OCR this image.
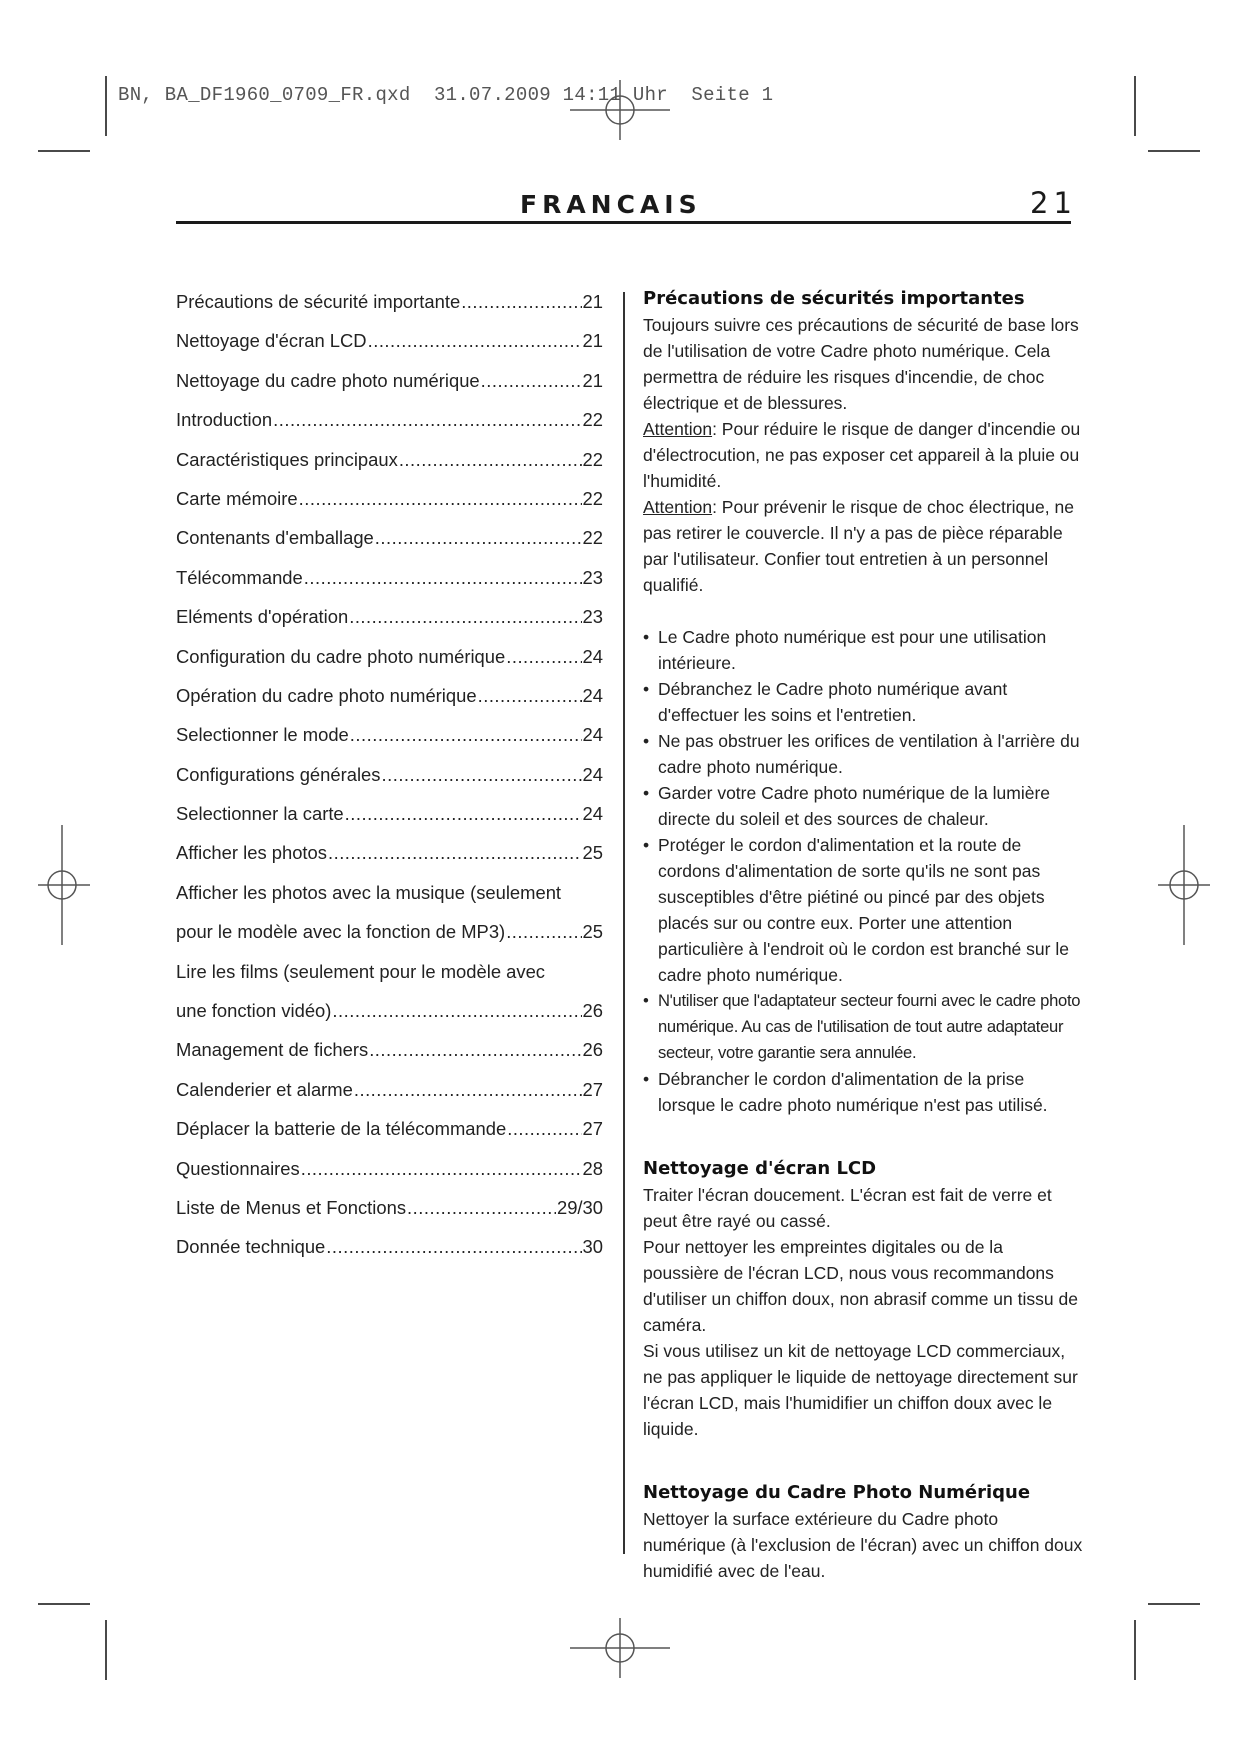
BN, BA_DF1960_0709_FR.qxd  31.07.2009 14:11 Uhr  Seite 1
FRANCAIS	21
Précautions de sécurité importante .....	21
Nettoyage d'écran LCD .....	21
Nettoyage du cadre photo numérique .....	21
Introduction .....	22
Caractéristiques principaux .....	22
Carte mémoire .....	22
Contenants d'emballage .....	22
Télécommande .....	23
Eléments d'opération .....	23
Configuration du cadre photo numérique .....	24
Opération du cadre photo numérique .....	24
Selectionner le mode .....	24
Configurations générales .....	24
Selectionner la carte .....	24
Afficher les photos .....	25
Afficher les photos avec la musique (seulement
pour le modèle avec la fonction de MP3) .....	25
Lire les films (seulement pour le modèle avec
une fonction vidéo) .....	26
Management de fichers .....	26
Calenderier et alarme .....	27
Déplacer la batterie de la télécommande .....	27
Questionnaires .....	28
Liste de Menus et Fonctions .....	29/30
Donnée technique .....	30
Précautions de sécurités importantes

Toujours suivre ces précautions de sécurité de base lors de l'utilisation de votre Cadre photo numérique. Cela permettra de réduire les risques d'incendie, de choc électrique et de blessures.

Attention: Pour réduire le risque de danger d'incendie ou d'électrocution, ne pas exposer cet appareil à la pluie ou l'humidité.

Attention: Pour prévenir le risque de choc électrique, ne pas retirer le couvercle. Il n'y a pas de pièce réparable par l'utilisateur. Confier tout entretien à un personnel qualifié.

• Le Cadre photo numérique est pour une utilisation intérieure.
• Débranchez le Cadre photo numérique avant d'effectuer les soins et l'entretien.
• Ne pas obstruer les orifices de ventilation à l'arrière du cadre photo numérique.
• Garder votre Cadre photo numérique de la lumière directe du soleil et des sources de chaleur.
• Protéger le cordon d'alimentation et la route de cordons d'alimentation de sorte qu'ils ne sont pas susceptibles d'être piétiné ou pincé par des objets placés sur ou contre eux. Porter une attention particulière à l'endroit où le cordon est branché sur le cadre photo numérique.
• N'utiliser que l'adaptateur secteur fourni avec le cadre photo numérique. Au cas de l'utilisation de tout autre adaptateur secteur, votre garantie sera annulée.
• Débrancher le cordon d'alimentation de la prise lorsque le cadre photo numérique n'est pas utilisé.
Nettoyage d'écran LCD

Traiter l'écran doucement. L'écran est fait de verre et peut être rayé ou cassé.

Pour nettoyer les empreintes digitales ou de la poussière de l'écran LCD, nous vous recommandons d'utiliser un chiffon doux, non abrasif comme un tissu de caméra.

Si vous utilisez un kit de nettoyage LCD commerciaux, ne pas appliquer le liquide de nettoyage directement sur l'écran LCD, mais l'humidifier un chiffon doux avec le liquide.

Nettoyage du Cadre Photo Numérique

Nettoyer la surface extérieure du Cadre photo numérique (à l'exclusion de l'écran) avec un chiffon doux humidifié avec de l'eau.
